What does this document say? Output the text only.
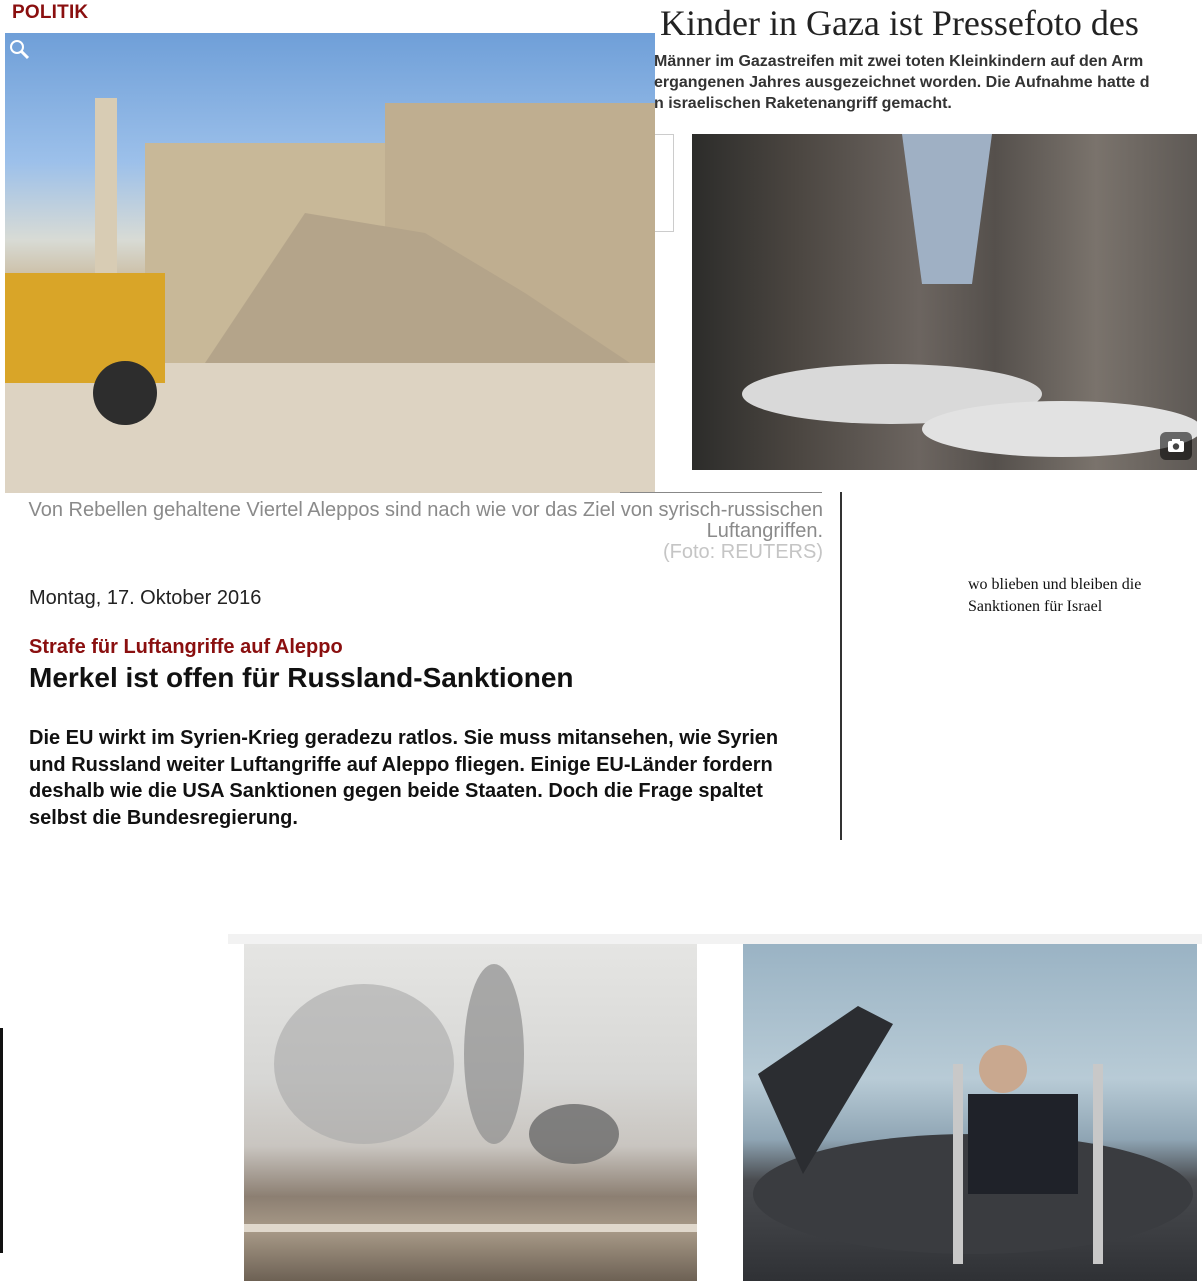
POLITIK	Kinder in Gaza ist Pressefoto des
Männer im Gazastreifen mit zwei toten Kleinkindern auf den Arm
ergangenen Jahres ausgezeichnet worden. Die Aufnahme hatte d
n israelischen Raketenangriff gemacht.
Von Rebellen gehaltene Viertel Aleppos sind nach wie vor das Ziel von syrisch-russischen Luftangriffen.
(Foto: REUTERS)
Montag, 17. Oktober 2016
Strafe für Luftangriffe auf Aleppo
Merkel ist offen für Russland-Sanktionen
Die EU wirkt im Syrien-Krieg geradezu ratlos. Sie muss mitansehen, wie Syrien und Russland weiter Luftangriffe auf Aleppo fliegen. Einige EU-Länder fordern deshalb wie die USA Sanktionen gegen beide Staaten. Doch die Frage spaltet selbst die Bundesregierung.
wo blieben und bleiben die Sanktionen für Israel
